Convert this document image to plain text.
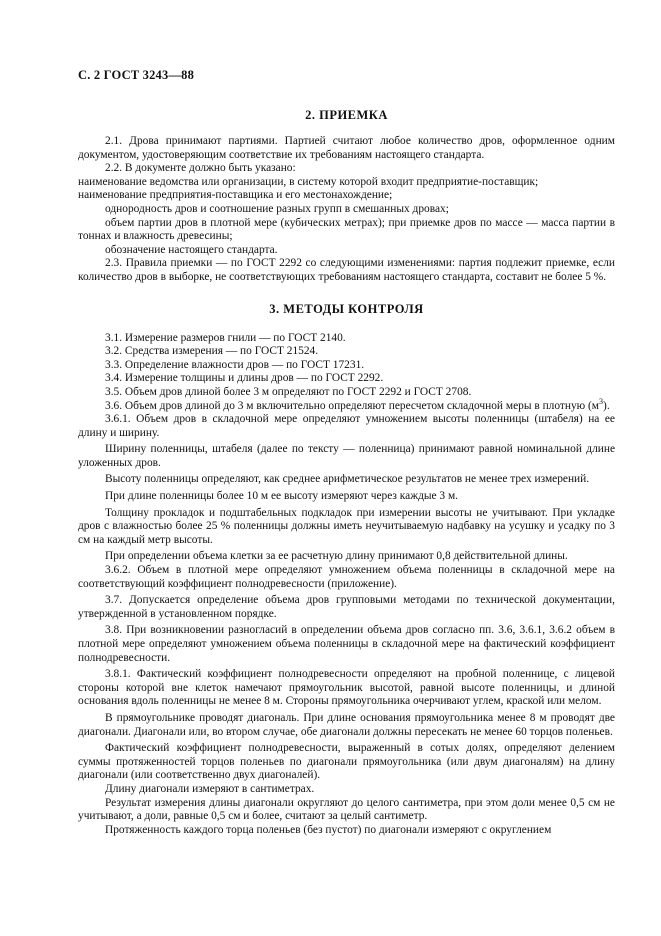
С. 2 ГОСТ 3243—88
2. ПРИЕМКА

2.1. Дрова принимают партиями. Партией считают любое количество дров, оформленное одним документом, удостоверяющим соответствие их требованиям настоящего стандарта.

2.2. В документе должно быть указано:

наименование ведомства или организации, в систему которой входит предприятие-поставщик;

наименование предприятия-поставщика и его местонахождение;

однородность дров и соотношение разных групп в смешанных дровах;

объем партии дров в плотной мере (кубических метрах); при приемке дров по массе — масса партии в тоннах и влажность древесины;

обозначение настоящего стандарта.

2.3. Правила приемки — по ГОСТ 2292 со следующими изменениями: партия подлежит приемке, если количество дров в выборке, не соответствующих требованиям настоящего стандарта, составит не более 5 %.

3. МЕТОДЫ КОНТРОЛЯ

3.1. Измерение размеров гнили — по ГОСТ 2140.

3.2. Средства измерения — по ГОСТ 21524.

3.3. Определение влажности дров — по ГОСТ 17231.

3.4. Измерение толщины и длины дров — по ГОСТ 2292.

3.5. Объем дров длиной более 3 м определяют по ГОСТ 2292 и ГОСТ 2708.

3.6. Объем дров длиной до 3 м включительно определяют пересчетом складочной меры в плотную $(м^3)$.

3.6.1. Объем дров в складочной мере определяют умножением высоты поленницы (штабеля) на ее длину и ширину.

Ширину поленницы, штабеля (далее по тексту — поленница) принимают равной номинальной длине уложенных дров.

Высоту поленницы определяют, как среднее арифметическое результатов не менее трех измерений.

При длине поленницы более 10 м ее высоту измеряют через каждые 3 м.

Толщину прокладок и подштабельных подкладок при измерении высоты не учитывают. При укладке дров с влажностью более 25 % поленницы должны иметь неучитываемую надбавку на усушку и усадку по 3 см на каждый метр высоты.

При определении объема клетки за ее расчетную длину принимают 0,8 действительной длины.

3.6.2. Объем в плотной мере определяют умножением объема поленницы в складочной мере на соответствующий коэффициент полнодревесности (приложение).

3.7. Допускается определение объема дров групповыми методами по технической документации, утвержденной в установленном порядке.

3.8. При возникновении разногласий в определении объема дров согласно пп. 3.6, 3.6.1, 3.6.2 объем в плотной мере определяют умножением объема поленницы в складочной мере на фактический коэффициент полнодревесности.

3.8.1. Фактический коэффициент полнодревесности определяют на пробной поленнице, с лицевой стороны которой вне клеток намечают прямоугольник высотой, равной высоте поленницы, и длиной основания вдоль поленницы не менее 8 м. Стороны прямоугольника очерчивают углем, краской или мелом.

В прямоугольнике проводят диагональ. При длине основания прямоугольника менее 8 м проводят две диагонали. Диагонали или, во втором случае, обе диагонали должны пересекать не менее 60 торцов поленьев.

Фактический коэффициент полнодревесности, выраженный в сотых долях, определяют делением суммы протяженностей торцов поленьев по диагонали прямоугольника (или двум диагоналям) на длину диагонали (или соответственно двух диагоналей).

Длину диагонали измеряют в сантиметрах.

Результат измерения длины диагонали округляют до целого сантиметра, при этом доли менее 0,5 см не учитывают, а доли, равные 0,5 см и более, считают за целый сантиметр.

Протяженность каждого торца поленьев (без пустот) по диагонали измеряют с округлением
